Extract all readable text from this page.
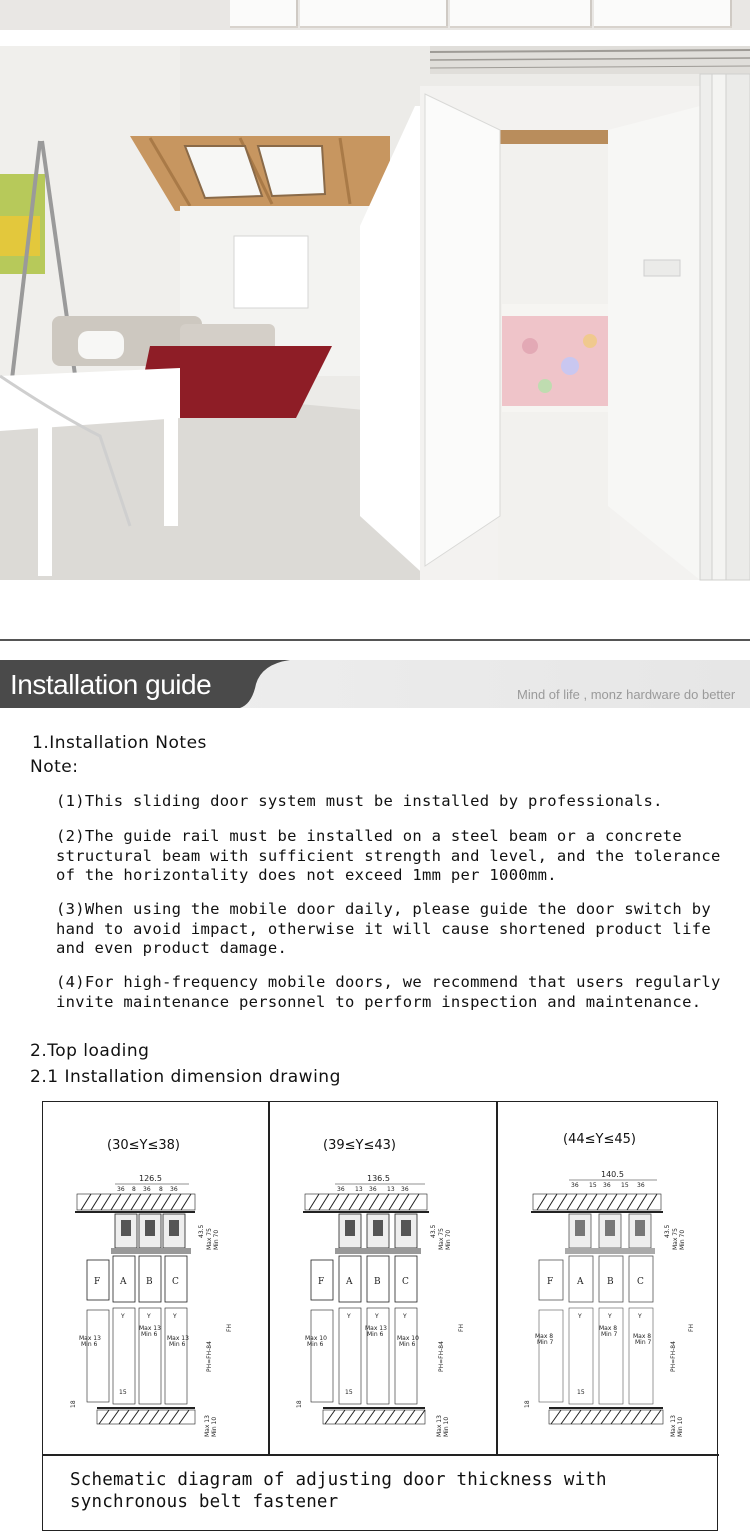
Installation guide	Mind of life , monz hardware do better
1.Installation Notes
Note:
(1)This sliding door system must be installed by professionals.
(2)The guide rail must be installed on a steel beam or a concrete structural beam with sufficient strength and level, and the tolerance of the horizontality does not exceed 1mm per 1000mm.
(3)When using the mobile door daily, please guide the door switch by hand to avoid impact, otherwise it will cause shortened product life and even product damage.
(4)For high-frequency mobile doors, we recommend that users regularly invite maintenance personnel to perform inspection and maintenance.
2.Top loading
2.1 Installation dimension drawing
(30≤Y≤38)	(39≤Y≤43)	(44≤Y≤45)
126.5
36 8 36 8 36
43.5 Max 75 Min 70
F A B C
Y	Y	Y
Max 13
Min 6
Max 13
Min 6
Max 13
Min 6	PH=FH-84
FH
15
18
Max 13 Min 10
136.5
36 13 36 13 36
43.5 Max 75 Min 70
F A B C
Y	Y	Y
Max 10
Min 6
Max 13
Min 6
Max 10
Min 6	PH=FH-84
FH
15
18
Max 13 Min 10
140.5
36 15 36 15 36
43.5 Max 75 Min 70
F	A	B	C
Y	Y	Y
Max 8
Min 7
Max 8
Min 7	Max 8
Min 7	PH=FH-84
FH
15
18
Max 13 Min 10
Schematic diagram of adjusting door thickness with synchronous belt fastener
